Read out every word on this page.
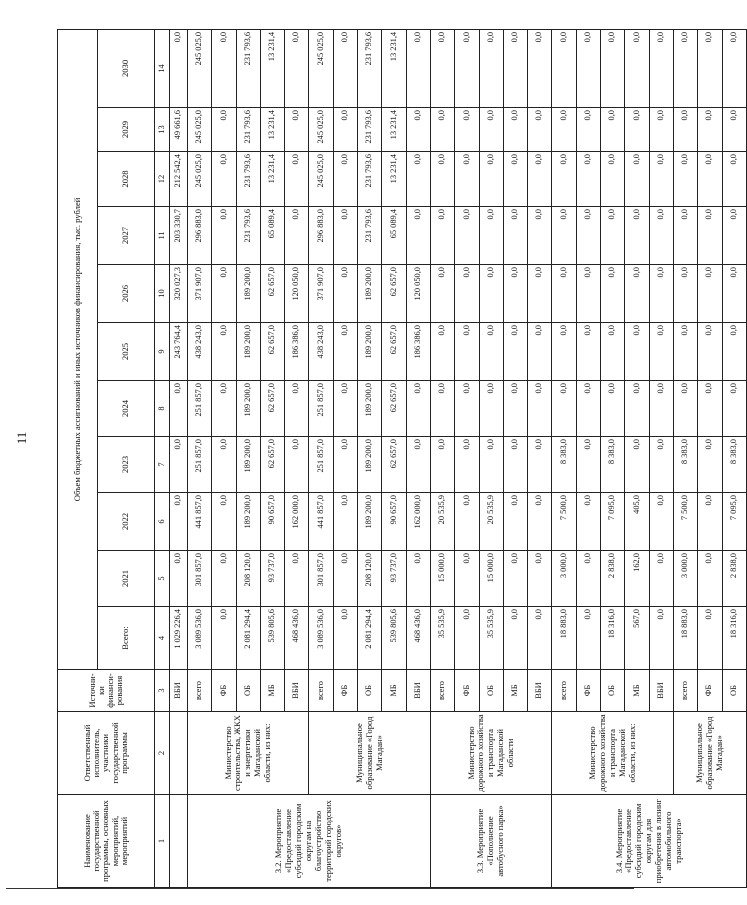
11
Наименование государственной программы, основных мероприятий, мероприятий	Ответственный исполнитель, участники государственной программы	Источни-ки финанси-рования	Объем бюджетных ассигнований и иных источников финансирования, тыс. рублей										
			Всего:	2021	2022	2023	2024	2025	2026	2027	2028	2029	2030
1	2	3	4	5	6	7	8	9	10	11	12	13	14
		ВБИ	1 029 226,4	0,0	0,0	0,0	0,0	243 764,4	320 027,3	203 330,7	212 542,4	49 661,6	0,0
3.2. Мероприятие «Предоставление субсидий городским округам на благоустройство территорий городских округов»	Министерство строительства, ЖКХ и энергетики Магаданской области, из них:	всего	3 089 536,0	301 857,0	441 857,0	251 857,0	251 857,0	438 243,0	371 907,0	296 883,0	245 025,0	245 025,0	245 025,0
		ФБ	0,0	0,0	0,0	0,0	0,0	0,0	0,0	0,0	0,0	0,0	0,0
		ОБ	2 081 294,4	208 120,0	189 200,0	189 200,0	189 200,0	189 200,0	189 200,0	231 793,6	231 793,6	231 793,6	231 793,6
		МБ	539 805,6	93 737,0	90 657,0	62 657,0	62 657,0	62 657,0	62 657,0	65 089,4	13 231,4	13 231,4	13 231,4
		ВБИ	468 436,0	0,0	162 000,0	0,0	0,0	186 386,0	120 050,0	0,0	0,0	0,0	0,0
	Муниципальное образование «Город Магадан»	всего	3 089 536,0	301 857,0	441 857,0	251 857,0	251 857,0	438 243,0	371 907,0	296 883,0	245 025,0	245 025,0	245 025,0
		ФБ	0,0	0,0	0,0	0,0	0,0	0,0	0,0	0,0	0,0	0,0	0,0
		ОБ	2 081 294,4	208 120,0	189 200,0	189 200,0	189 200,0	189 200,0	189 200,0	231 793,6	231 793,6	231 793,6	231 793,6
		МБ	539 805,6	93 737,0	90 657,0	62 657,0	62 657,0	62 657,0	62 657,0	65 089,4	13 231,4	13 231,4	13 231,4
		ВБИ	468 436,0	0,0	162 000,0	0,0	0,0	186 386,0	120 050,0	0,0	0,0	0,0	0,0
3.3. Мероприятие «Пополнение автобусного парка»	Министерство дорожного хозяйства и транспорта Магаданской области	всего	35 535,9	15 000,0	20 535,9	0,0	0,0	0,0	0,0	0,0	0,0	0,0	0,0
		ФБ	0,0	0,0	0,0	0,0	0,0	0,0	0,0	0,0	0,0	0,0	0,0
		ОБ	35 535,9	15 000,0	20 535,9	0,0	0,0	0,0	0,0	0,0	0,0	0,0	0,0
		МБ	0,0	0,0	0,0	0,0	0,0	0,0	0,0	0,0	0,0	0,0	0,0
		ВБИ	0,0	0,0	0,0	0,0	0,0	0,0	0,0	0,0	0,0	0,0	0,0
3.4. Мероприятие «Предоставление субсидий городским округам для приобретения в лизинг автомобильного транспорта»	Министерство дорожного хозяйства и транспорта Магаданской области, из них:	всего	18 883,0	3 000,0	7 500,0	8 383,0	0,0	0,0	0,0	0,0	0,0	0,0	0,0
		ФБ	0,0	0,0	0,0	0,0	0,0	0,0	0,0	0,0	0,0	0,0	0,0
		ОБ	18 316,0	2 838,0	7 095,0	8 383,0	0,0	0,0	0,0	0,0	0,0	0,0	0,0
		МБ	567,0	162,0	405,0	0,0	0,0	0,0	0,0	0,0	0,0	0,0	0,0
		ВБИ	0,0	0,0	0,0	0,0	0,0	0,0	0,0	0,0	0,0	0,0	0,0
	Муниципальное образование «Город Магадан»	всего	18 883,0	3 000,0	7 500,0	8 383,0	0,0	0,0	0,0	0,0	0,0	0,0	0,0
		ФБ	0,0	0,0	0,0	0,0	0,0	0,0	0,0	0,0	0,0	0,0	0,0
		ОБ	18 316,0	2 838,0	7 095,0	8 383,0	0,0	0,0	0,0	0,0	0,0	0,0	0,0
